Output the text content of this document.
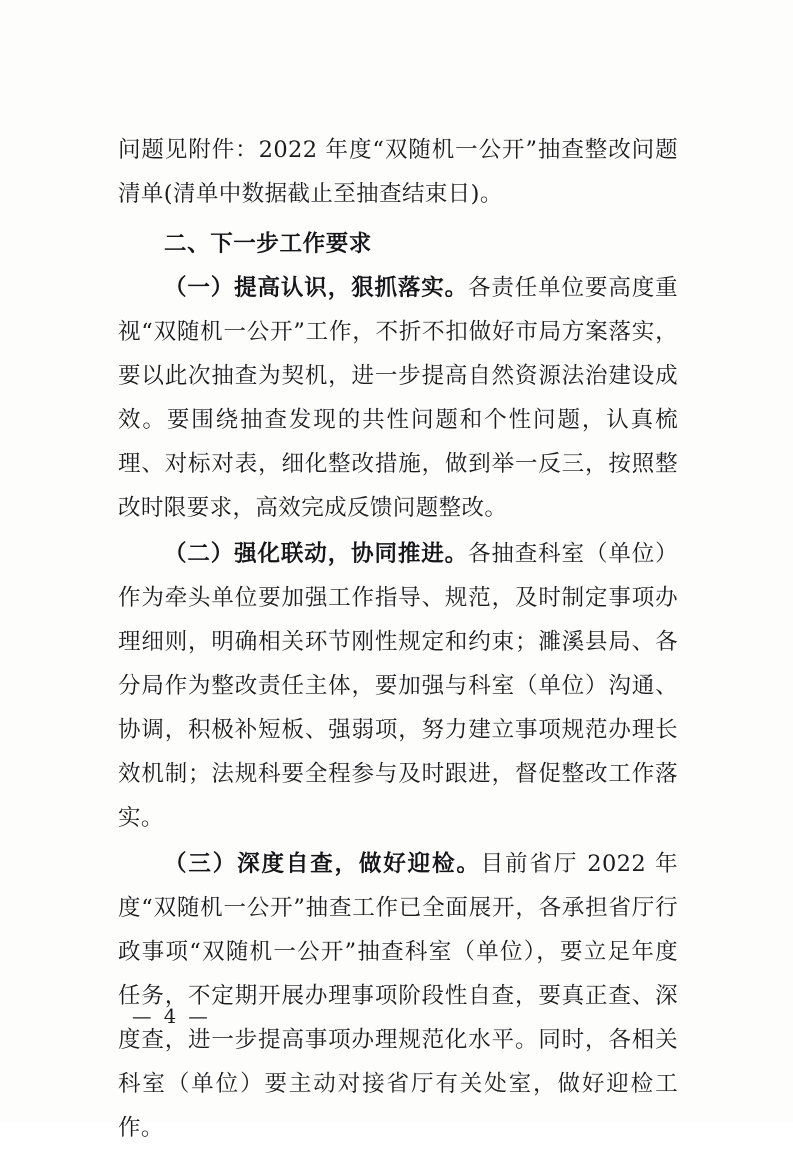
问题见附件：2022 年度“双随机一公开”抽查整改问题清单(清单中数据截止至抽查结束日)。

二、下一步工作要求

（一）提高认识，狠抓落实。各责任单位要高度重视“双随机一公开”工作，不折不扣做好市局方案落实，要以此次抽查为契机，进一步提高自然资源法治建设成效。要围绕抽查发现的共性问题和个性问题，认真梳理、对标对表，细化整改措施，做到举一反三，按照整改时限要求，高效完成反馈问题整改。

（二）强化联动，协同推进。各抽查科室（单位）作为牵头单位要加强工作指导、规范，及时制定事项办理细则，明确相关环节刚性规定和约束；濉溪县局、各分局作为整改责任主体，要加强与科室（单位）沟通、协调，积极补短板、强弱项，努力建立事项规范办理长效机制；法规科要全程参与及时跟进，督促整改工作落实。

（三）深度自查，做好迎检。目前省厅 2022 年度“双随机一公开”抽查工作已全面展开，各承担省厅行政事项“双随机一公开”抽查科室（单位），要立足年度任务，不定期开展办理事项阶段性自查，要真正查、深度查，进一步提高事项办理规范化水平。同时，各相关科室（单位）要主动对接省厅有关处室，做好迎检工作。

— 4 —
